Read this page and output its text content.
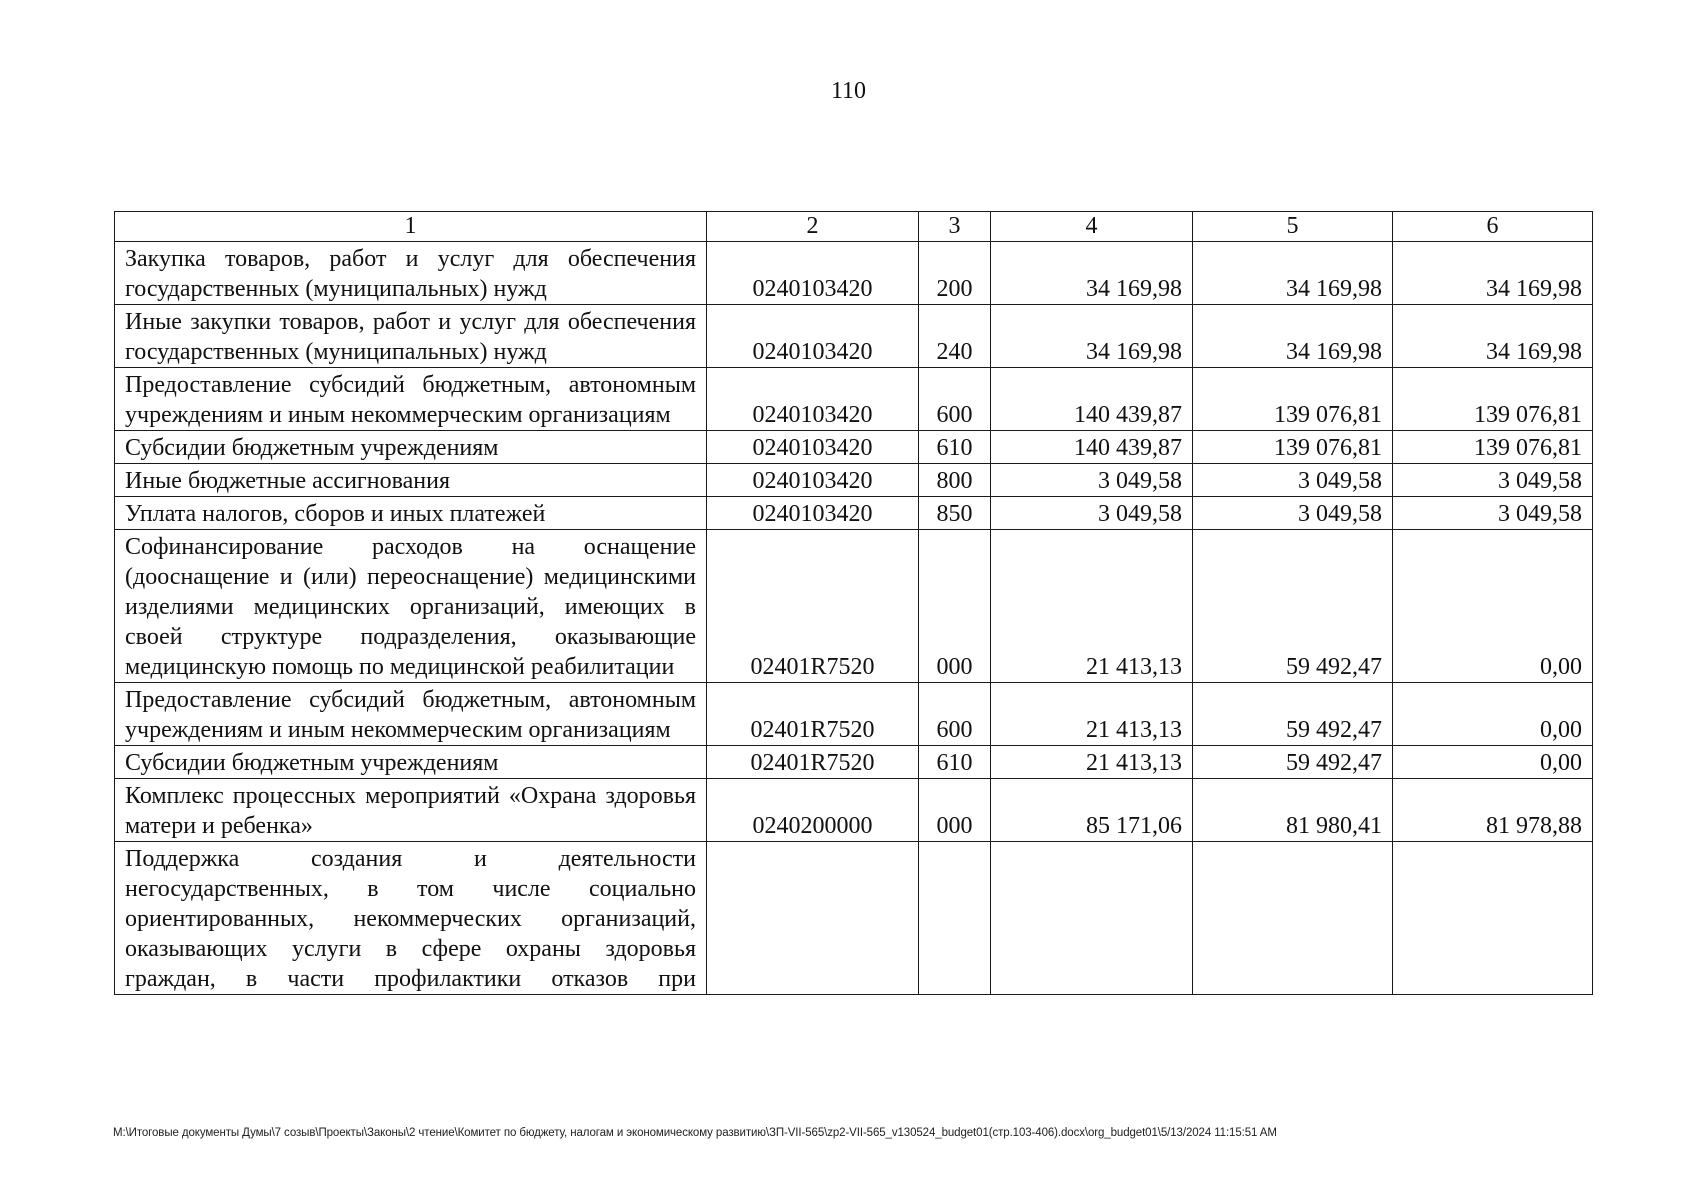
110
1	2	3	4	5	6
Закупка товаров, работ и услуг для обеспечения государственных (муниципальных) нужд	0240103420	200	34 169,98	34 169,98	34 169,98
Иные закупки товаров, работ и услуг для обеспечения государственных (муниципальных) нужд	0240103420	240	34 169,98	34 169,98	34 169,98
Предоставление субсидий бюджетным, автономным учреждениям и иным некоммерческим организациям	0240103420	600	140 439,87	139 076,81	139 076,81
Субсидии бюджетным учреждениям	0240103420	610	140 439,87	139 076,81	139 076,81
Иные бюджетные ассигнования	0240103420	800	3 049,58	3 049,58	3 049,58
Уплата налогов, сборов и иных платежей	0240103420	850	3 049,58	3 049,58	3 049,58
Софинансирование расходов на оснащение (дооснащение и (или) переоснащение) медицинскими изделиями медицинских организаций, имеющих в своей структуре подразделения, оказывающие медицинскую помощь по медицинской реабилитации	02401R7520	000	21 413,13	59 492,47	0,00
Предоставление субсидий бюджетным, автономным учреждениям и иным некоммерческим организациям	02401R7520	600	21 413,13	59 492,47	0,00
Субсидии бюджетным учреждениям	02401R7520	610	21 413,13	59 492,47	0,00
Комплекс процессных мероприятий «Охрана здоровья матери и ребенка»	0240200000	000	85 171,06	81 980,41	81 978,88
Поддержка создания и деятельности негосударственных, в том числе социально ориентированных, некоммерческих организаций, оказывающих услуги в сфере охраны здоровья граждан, в части профилактики отказов при					
M:\Итоговые документы Думы\7 созыв\Проекты\Законы\2 чтение\Комитет по бюджету, налогам и экономическому развитию\ЗП-VII-565\zp2-VII-565_v130524_budget01(стр.103-406).docx\org_budget01\5/13/2024 11:15:51 AM
